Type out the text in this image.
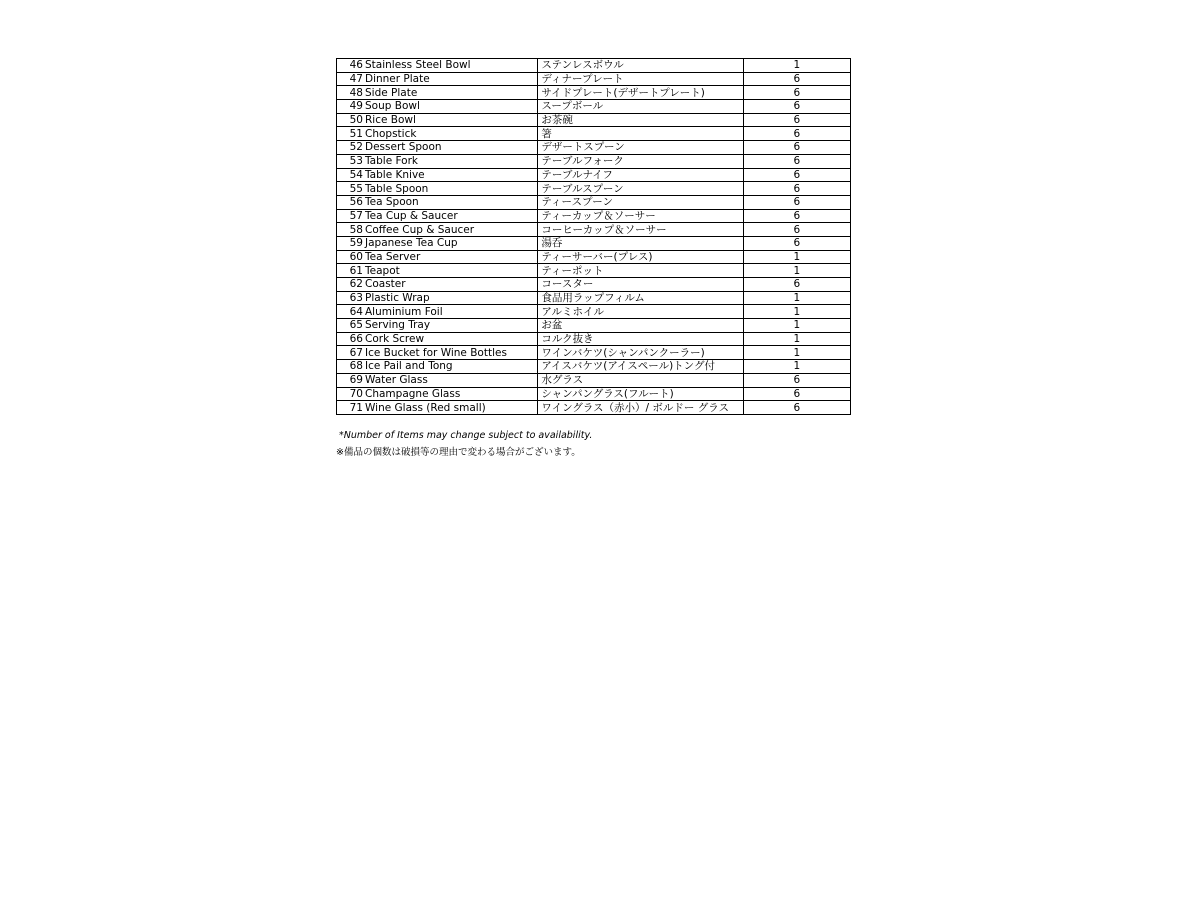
46 Stainless Steel Bowl	ステンレスボウル	1
47 Dinner Plate	ディナープレート	6
48 Side Plate	サイドプレート(デザートプレート)	6
49 Soup Bowl	スープボール	6
50 Rice Bowl	お茶碗	6
51 Chopstick	箸	6
52 Dessert Spoon	デザートスプーン	6
53 Table Fork	テーブルフォーク	6
54 Table Knive	テーブルナイフ	6
55 Table Spoon	テーブルスプーン	6
56 Tea Spoon	ティースプーン	6
57 Tea Cup & Saucer	ティーカップ＆ソーサー	6
58 Coffee Cup & Saucer	コーヒーカップ＆ソーサー	6
59 Japanese Tea Cup	湯呑	6
60 Tea Server	ティーサーバー(プレス)	1
61 Teapot	ティーポット	1
62 Coaster	コースター	6
63 Plastic Wrap	食品用ラップフィルム	1
64 Aluminium Foil	アルミホイル	1
65 Serving Tray	お盆	1
66 Cork Screw	コルク抜き	1
67 Ice Bucket for Wine Bottles	ワインバケツ(シャンパンクーラー)	1
68 Ice Pail and Tong	アイスバケツ(アイスペール)トング付	1
69 Water Glass	水グラス	6
70 Champagne Glass	シャンパングラス(フルート)	6
71 Wine Glass (Red small)	ワイングラス（赤小）/ ボルドー グラス	6
*Number of Items may change subject to availability.
※備品の個数は破損等の理由で変わる場合がございます。
